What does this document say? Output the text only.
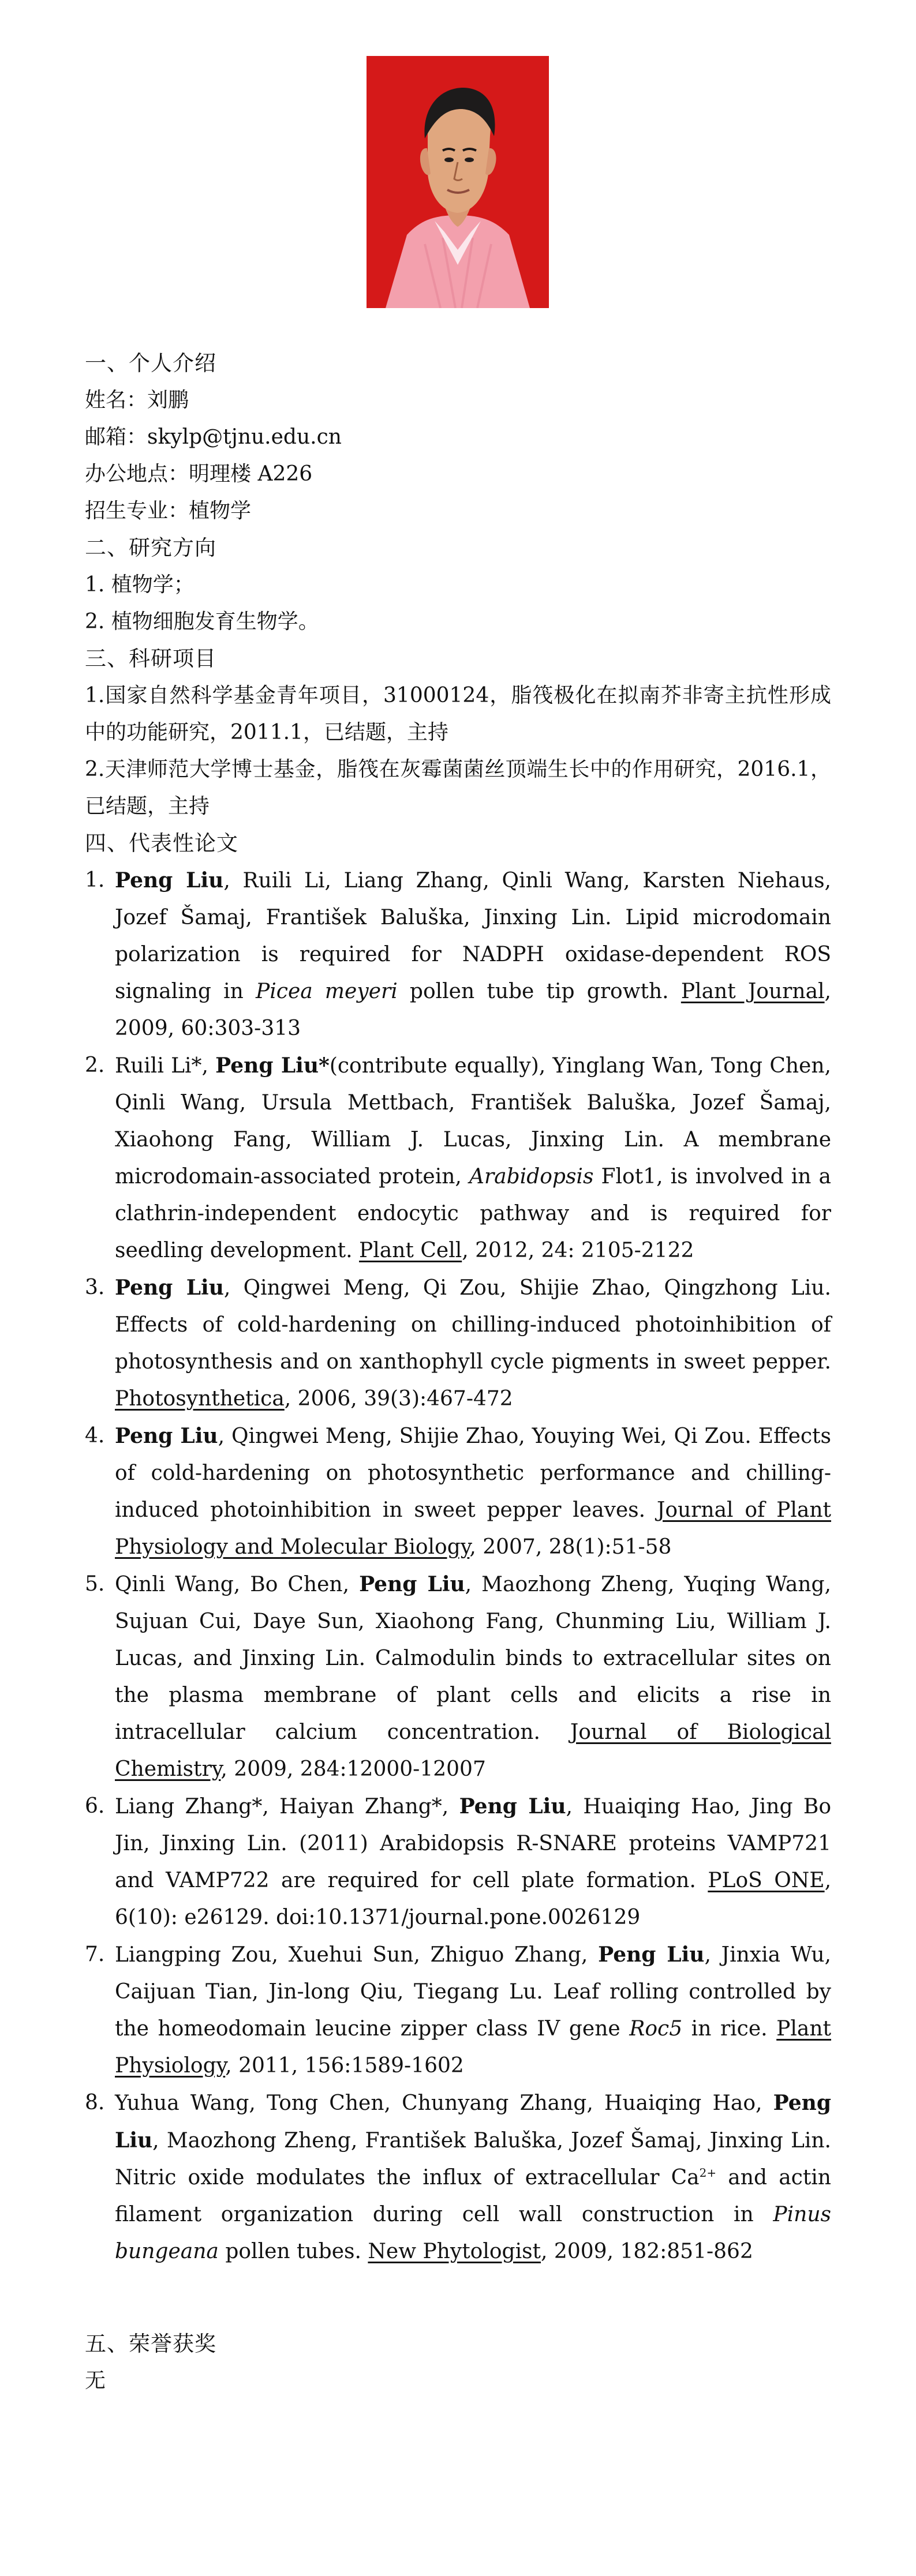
一、个人介绍
姓名：刘鹏
邮箱：skylp@tjnu.edu.cn
办公地点：明理楼 A226
招生专业：植物学
二、研究方向
1. 植物学；
2. 植物细胞发育生物学。
三、科研项目
1.国家自然科学基金青年项目，31000124，脂筏极化在拟南芥非寄主抗性形成中的功能研究，2011.1，已结题，主持
2.天津师范大学博士基金，脂筏在灰霉菌菌丝顶端生长中的作用研究，2016.1，已结题，主持
四、代表性论文
1. Peng Liu, Ruili Li, Liang Zhang, Qinli Wang, Karsten Niehaus, Jozef Šamaj, František Baluška, Jinxing Lin. Lipid microdomain polarization is required for NADPH oxidase-dependent ROS signaling in Picea meyeri pollen tube tip growth. Plant Journal, 2009, 60:303-313
2. Ruili Li*, Peng Liu*(contribute equally), Yinglang Wan, Tong Chen, Qinli Wang, Ursula Mettbach, František Baluška, Jozef Šamaj, Xiaohong Fang, William J. Lucas, Jinxing Lin. A membrane microdomain-associated protein, Arabidopsis Flot1, is involved in a clathrin-independent endocytic pathway and is required for seedling development. Plant Cell, 2012, 24: 2105-2122
3. Peng Liu, Qingwei Meng, Qi Zou, Shijie Zhao, Qingzhong Liu. Effects of cold-hardening on chilling-induced photoinhibition of photosynthesis and on xanthophyll cycle pigments in sweet pepper. Photosynthetica, 2006, 39(3):467-472
4. Peng Liu, Qingwei Meng, Shijie Zhao, Youying Wei, Qi Zou. Effects of cold-hardening on photosynthetic performance and chilling-induced photoinhibition in sweet pepper leaves. Journal of Plant Physiology and Molecular Biology, 2007, 28(1):51-58
5. Qinli Wang, Bo Chen, Peng Liu, Maozhong Zheng, Yuqing Wang, Sujuan Cui, Daye Sun, Xiaohong Fang, Chunming Liu, William J. Lucas, and Jinxing Lin. Calmodulin binds to extracellular sites on the plasma membrane of plant cells and elicits a rise in intracellular calcium concentration. Journal of Biological Chemistry, 2009, 284:12000-12007
6. Liang Zhang*, Haiyan Zhang*, Peng Liu, Huaiqing Hao, Jing Bo Jin, Jinxing Lin. (2011) Arabidopsis R-SNARE proteins VAMP721 and VAMP722 are required for cell plate formation. PLoS ONE, 6(10): e26129. doi:10.1371/journal.pone.0026129
7. Liangping Zou, Xuehui Sun, Zhiguo Zhang, Peng Liu, Jinxia Wu, Caijuan Tian, Jin-long Qiu, Tiegang Lu. Leaf rolling controlled by the homeodomain leucine zipper class IV gene Roc5 in rice. Plant Physiology, 2011, 156:1589-1602
8. Yuhua Wang, Tong Chen, Chunyang Zhang, Huaiqing Hao, Peng Liu, Maozhong Zheng, František Baluška, Jozef Šamaj, Jinxing Lin. Nitric oxide modulates the influx of extracellular $Ca^{2+}$ and actin filament organization during cell wall construction in Pinus bungeana pollen tubes. New Phytologist, 2009, 182:851-862
五、荣誉获奖
无
